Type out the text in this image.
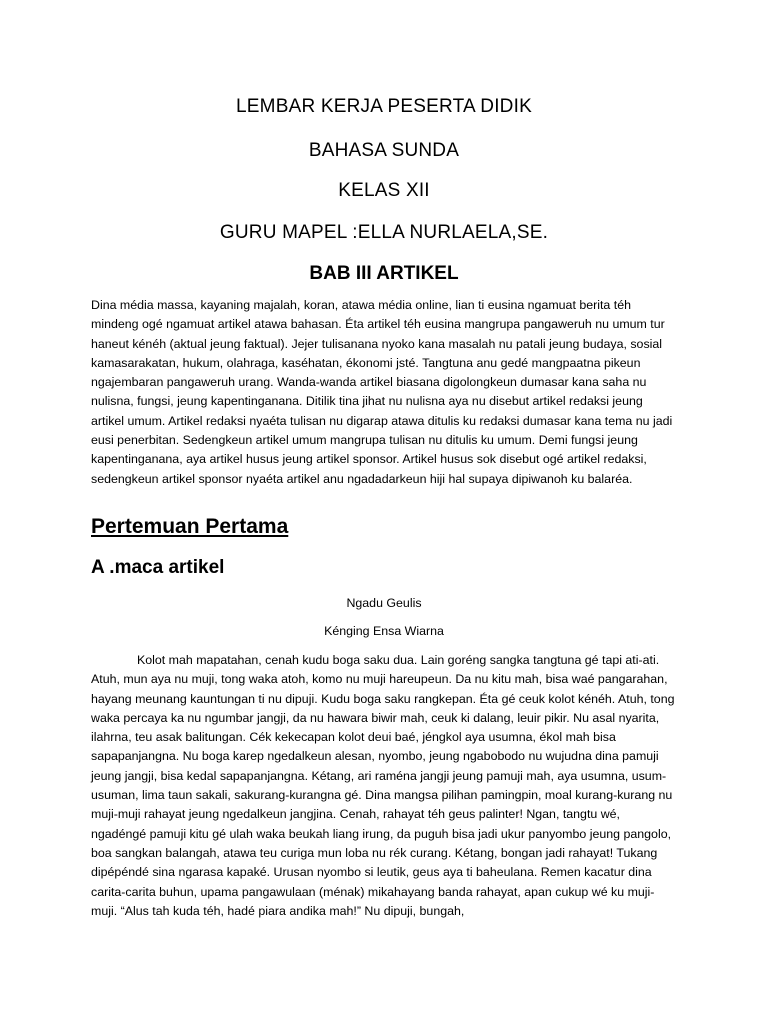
LEMBAR KERJA PESERTA DIDIK
BAHASA SUNDA
KELAS XII
GURU MAPEL :ELLA NURLAELA,SE.
BAB III ARTIKEL

Dina média massa, kayaning majalah, koran, atawa média online, lian ti eusina ngamuat berita téh mindeng ogé ngamuat artikel atawa bahasan. Éta artikel téh eusina mangrupa pangaweruh nu umum tur haneut kénéh (aktual jeung faktual). Jejer tulisanana nyoko kana masalah nu patali jeung budaya, sosial kamasarakatan, hukum, olahraga, kaséhatan, ékonomi jsté. Tangtuna anu gedé mangpaatna pikeun ngajembaran pangaweruh urang. Wanda-wanda artikel biasana digolongkeun dumasar kana saha nu nulisna, fungsi, jeung kapentinganana. Ditilik tina jihat nu nulisna aya nu disebut artikel redaksi jeung artikel umum. Artikel redaksi nyaéta tulisan nu digarap atawa ditulis ku redaksi dumasar kana tema nu jadi eusi penerbitan. Sedengkeun artikel umum mangrupa tulisan nu ditulis ku umum. Demi fungsi jeung kapentinganana, aya artikel husus jeung artikel sponsor. Artikel husus sok disebut ogé artikel redaksi, sedengkeun artikel sponsor nyaéta artikel anu ngadadarkeun hiji hal supaya dipiwanoh ku balaréa.

Pertemuan Pertama
A .maca artikel
Ngadu Geulis
Kénging Ensa Wiarna

Kolot mah mapatahan, cenah kudu boga saku dua. Lain goréng sangka tangtuna gé tapi ati-ati. Atuh, mun aya nu muji, tong waka atoh, komo nu muji hareupeun. Da nu kitu mah, bisa waé pangarahan, hayang meunang kauntungan ti nu dipuji. Kudu boga saku rangkepan. Éta gé ceuk kolot kénéh. Atuh, tong waka percaya ka nu ngumbar jangji, da nu hawara biwir mah, ceuk ki dalang, leuir pikir. Nu asal nyarita, ilahrna, teu asak balitungan. Cék kekecapan kolot deui baé, jéngkol aya usumna, ékol mah bisa sapapanjangna. Nu boga karep ngedalkeun alesan, nyombo, jeung ngabobodo nu wujudna dina pamuji jeung jangji, bisa kedal sapapanjangna. Kétang, ari raména jangji jeung pamuji mah, aya usumna, usum-usuman, lima taun sakali, sakurang-kurangna gé. Dina mangsa pilihan pamingpin, moal kurang-kurang nu muji-muji rahayat jeung ngedalkeun jangjina. Cenah, rahayat téh geus palinter! Ngan, tangtu wé, ngadéngé pamuji kitu gé ulah waka beukah liang irung, da puguh bisa jadi ukur panyombo jeung pangolo, boa sangkan balangah, atawa teu curiga mun loba nu rék curang. Kétang, bongan jadi rahayat! Tukang dipépéndé sina ngarasa kapaké. Urusan nyombo si leutik, geus aya ti baheulana. Remen kacatur dina carita-carita buhun, upama pangawulaan (ménak) mikahayang banda rahayat, apan cukup wé ku muji-muji. “Alus tah kuda téh, hadé piara andika mah!” Nu dipuji, bungah,
